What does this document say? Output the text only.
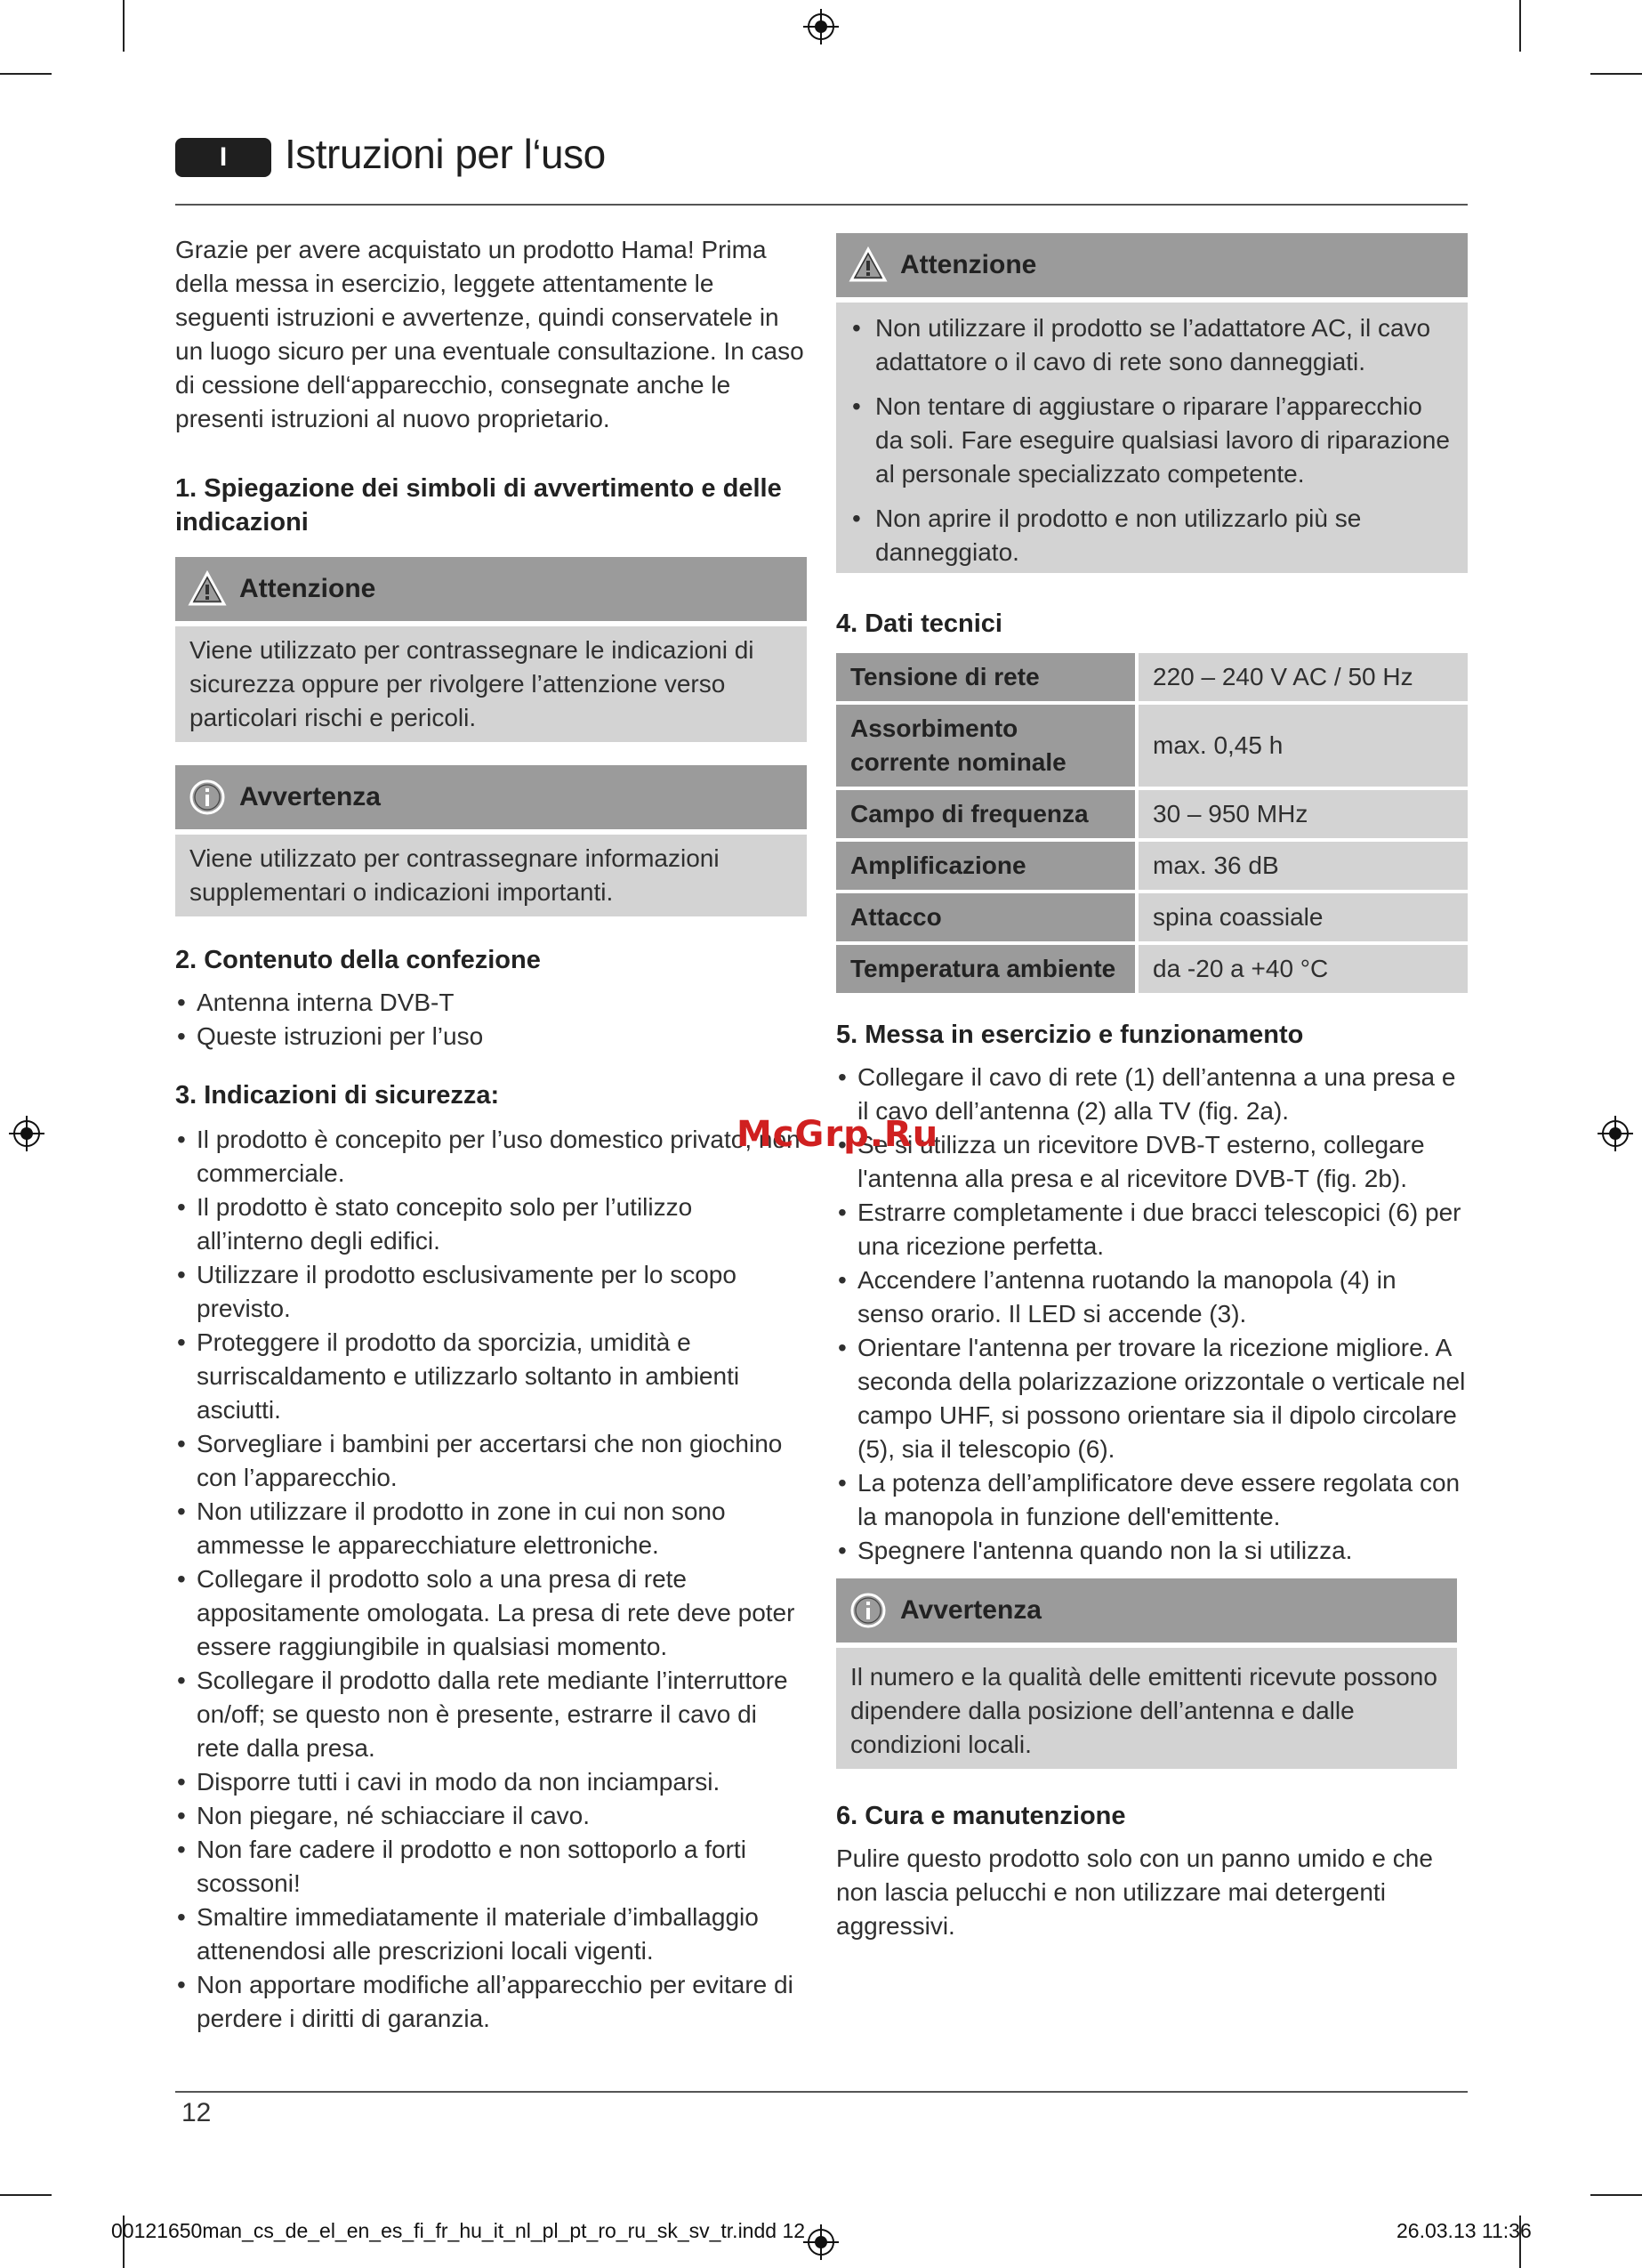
I	Istruzioni per l‘uso

Grazie per avere acquistato un prodotto Hama! Prima della messa in esercizio, leggete attentamente le seguenti istruzioni e avvertenze, quindi conservatele in un luogo sicuro per una eventuale consultazione. In caso di cessione dell‘apparecchio, consegnate anche le presenti istruzioni al nuovo proprietario.

1. Spiegazione dei simboli di avvertimento e delle indicazioni
Attenzione
Viene utilizzato per contrassegnare le indicazioni di sicurezza oppure per rivolgere l’attenzione verso particolari rischi e pericoli.
Avvertenza
Viene utilizzato per contrassegnare informazioni supplementari o indicazioni importanti.
2. Contenuto della confezione
• Antenna interna DVB-T
• Queste istruzioni per l’uso
3. Indicazioni di sicurezza:
• Il prodotto è concepito per l’uso domestico privato, non commerciale.
• Il prodotto è stato concepito solo per l’utilizzo all’interno degli edifici.
• Utilizzare il prodotto esclusivamente per lo scopo previsto.
• Proteggere il prodotto da sporcizia, umidità e surriscaldamento e utilizzarlo soltanto in ambienti asciutti.
• Sorvegliare i bambini per accertarsi che non giochino con l’apparecchio.
• Non utilizzare il prodotto in zone in cui non sono ammesse le apparecchiature elettroniche.
• Collegare il prodotto solo a una presa di rete appositamente omologata. La presa di rete deve poter essere raggiungibile in qualsiasi momento.
• Scollegare il prodotto dalla rete mediante l’interruttore on/off; se questo non è presente, estrarre il cavo di rete dalla presa.
• Disporre tutti i cavi in modo da non inciamparsi.
• Non piegare, né schiacciare il cavo.
• Non fare cadere il prodotto e non sottoporlo a forti scossoni!
• Smaltire immediatamente il materiale d’imballaggio attenendosi alle prescrizioni locali vigenti.
• Non apportare modifiche all’apparecchio per evitare di perdere i diritti di garanzia.
Attenzione
• Non utilizzare il prodotto se l’adattatore AC, il cavo adattatore o il cavo di rete sono danneggiati.
• Non tentare di aggiustare o riparare l’apparecchio da soli. Fare eseguire qualsiasi lavoro di riparazione al personale specializzato competente.
• Non aprire il prodotto e non utilizzarlo più se danneggiato.
4. Dati tecnici
Tensione di rete	220 – 240 V AC / 50 Hz
Assorbimento corrente nominale	max. 0,45 h
Campo di frequenza	30 – 950 MHz
Amplificazione	max. 36 dB
Attacco	spina coassiale
Temperatura ambiente	da -20 a +40 °C
5. Messa in esercizio e funzionamento
• Collegare il cavo di rete (1) dell’antenna a una presa e il cavo dell’antenna (2) alla TV (fig. 2a).
• Se si utilizza un ricevitore DVB-T esterno, collegare l'antenna alla presa e al ricevitore DVB-T (fig. 2b).
• Estrarre completamente i due bracci telescopici (6) per una ricezione perfetta.
• Accendere l’antenna ruotando la manopola (4) in senso orario. Il LED si accende (3).
• Orientare l'antenna per trovare la ricezione migliore. A seconda della polarizzazione orizzontale o verticale nel campo UHF, si possono orientare sia il dipolo circolare (5), sia il telescopio (6).
• La potenza dell’amplificatore deve essere regolata con la manopola in funzione dell'emittente.
• Spegnere l'antenna quando non la si utilizza.
Avvertenza
Il numero e la qualità delle emittenti ricevute possono dipendere dalla posizione dell’antenna e dalle condizioni locali.
6. Cura e manutenzione

Pulire questo prodotto solo con un panno umido e che non lascia pelucchi e non utilizzare mai detergenti aggressivi.

McGrp.Ru
12
00121650man_cs_de_el_en_es_fi_fr_hu_it_nl_pl_pt_ro_ru_sk_sv_tr.indd 12	26.03.13 11:36
